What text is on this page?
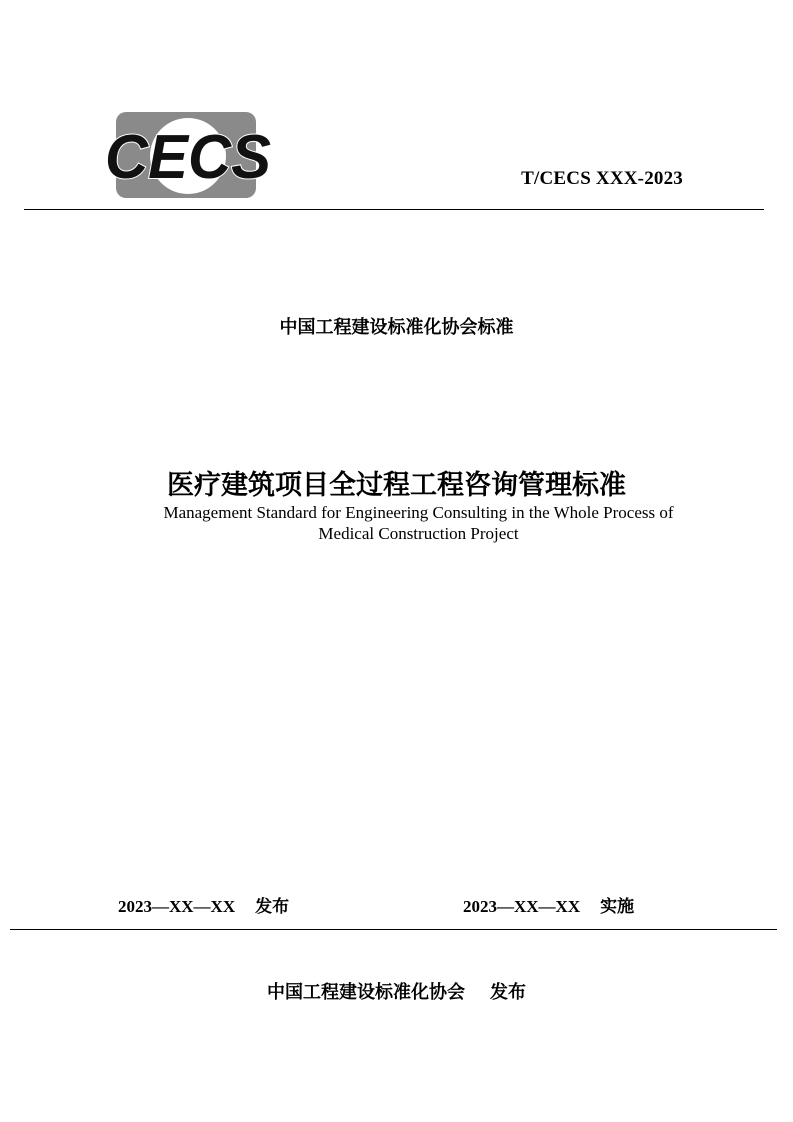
CECS	T/CECS XXX-2023
中国工程建设标准化协会标准
医疗建筑项目全过程工程咨询管理标准
Management Standard for Engineering Consulting in the Whole Process of
Medical Construction Project
2023—XX—XX 发布	2023—XX—XX 实施
中国工程建设标准化协会 发布
